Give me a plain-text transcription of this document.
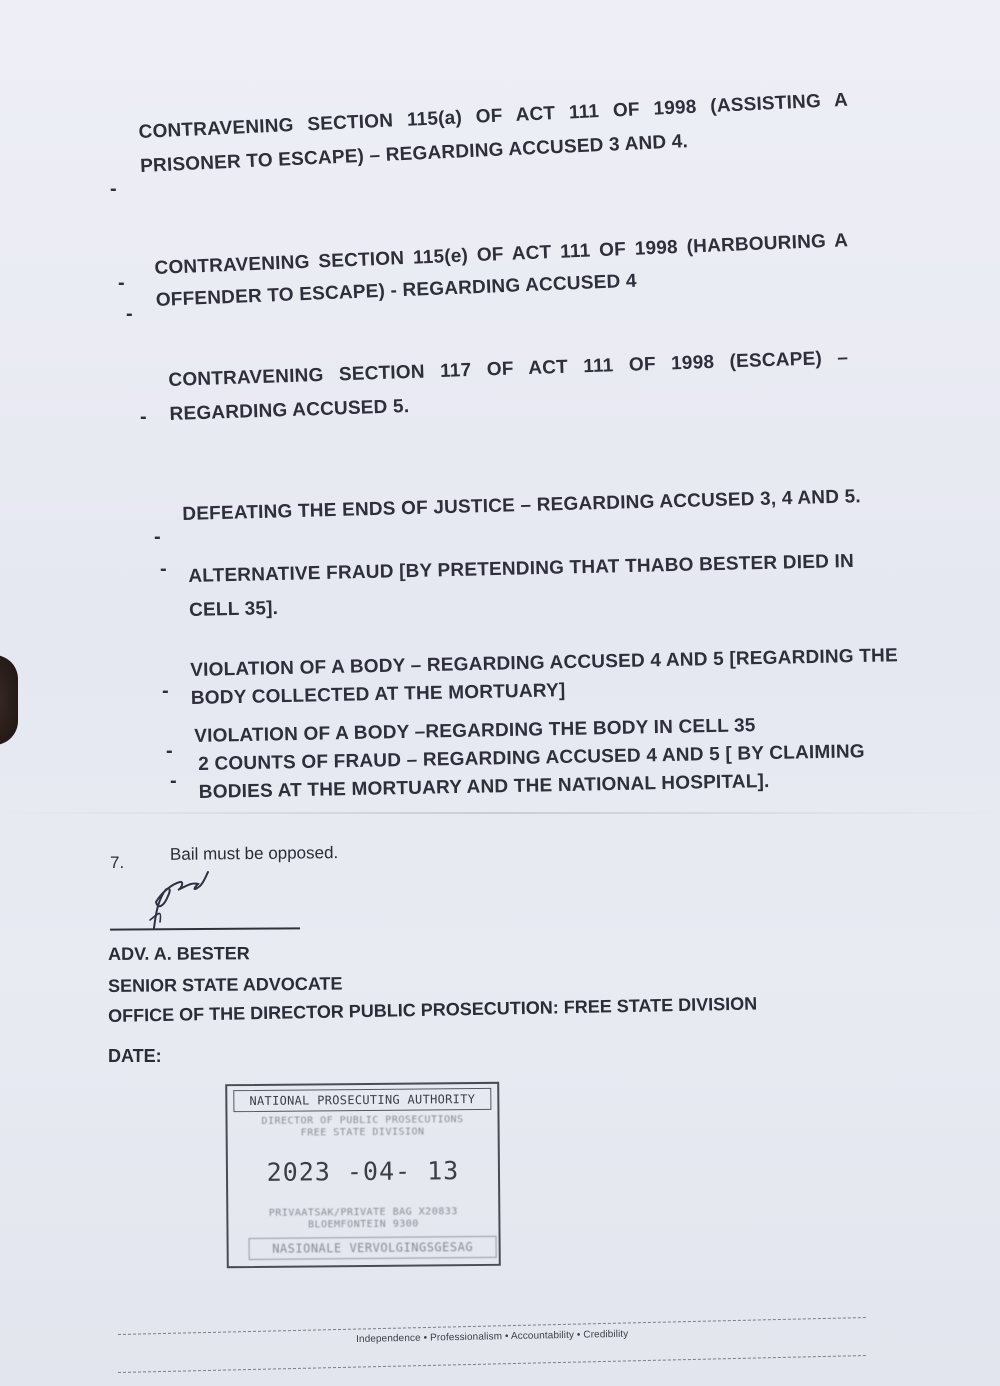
-
-
-
-
-
-
-
-
-
CONTRAVENING SECTION 115(a) OF ACT 111 OF 1998 (ASSISTING A
PRISONER TO ESCAPE) – REGARDING ACCUSED 3 AND 4.
CONTRAVENING SECTION 115(e) OF ACT 111 OF 1998 (HARBOURING A
OFFENDER TO ESCAPE) - REGARDING ACCUSED 4
CONTRAVENING SECTION 117 OF ACT 111 OF 1998 (ESCAPE) –
REGARDING ACCUSED 5.
DEFEATING THE ENDS OF JUSTICE – REGARDING ACCUSED 3, 4 AND 5.
ALTERNATIVE FRAUD [BY PRETENDING THAT THABO BESTER DIED IN
CELL 35].
VIOLATION OF A BODY – REGARDING ACCUSED 4 AND 5 [REGARDING THE
BODY COLLECTED AT THE MORTUARY]
VIOLATION OF A BODY –REGARDING THE BODY IN CELL 35
2 COUNTS OF FRAUD – REGARDING ACCUSED 4 AND 5 [ BY CLAIMING
BODIES AT THE MORTUARY AND THE NATIONAL HOSPITAL].
7.	Bail must be opposed.
ADV. A. BESTER
SENIOR STATE ADVOCATE
OFFICE OF THE DIRECTOR PUBLIC PROSECUTION: FREE STATE DIVISION
DATE:
NATIONAL PROSECUTING AUTHORITY
DIRECTOR OF PUBLIC PROSECUTIONS
FREE STATE DIVISION
2023 -04- 13
PRIVAATSAK/PRIVATE BAG X20833
BLOEMFONTEIN 9300
NASIONALE VERVOLGINGSGESAG
Independence • Professionalism • Accountability • Credibility
